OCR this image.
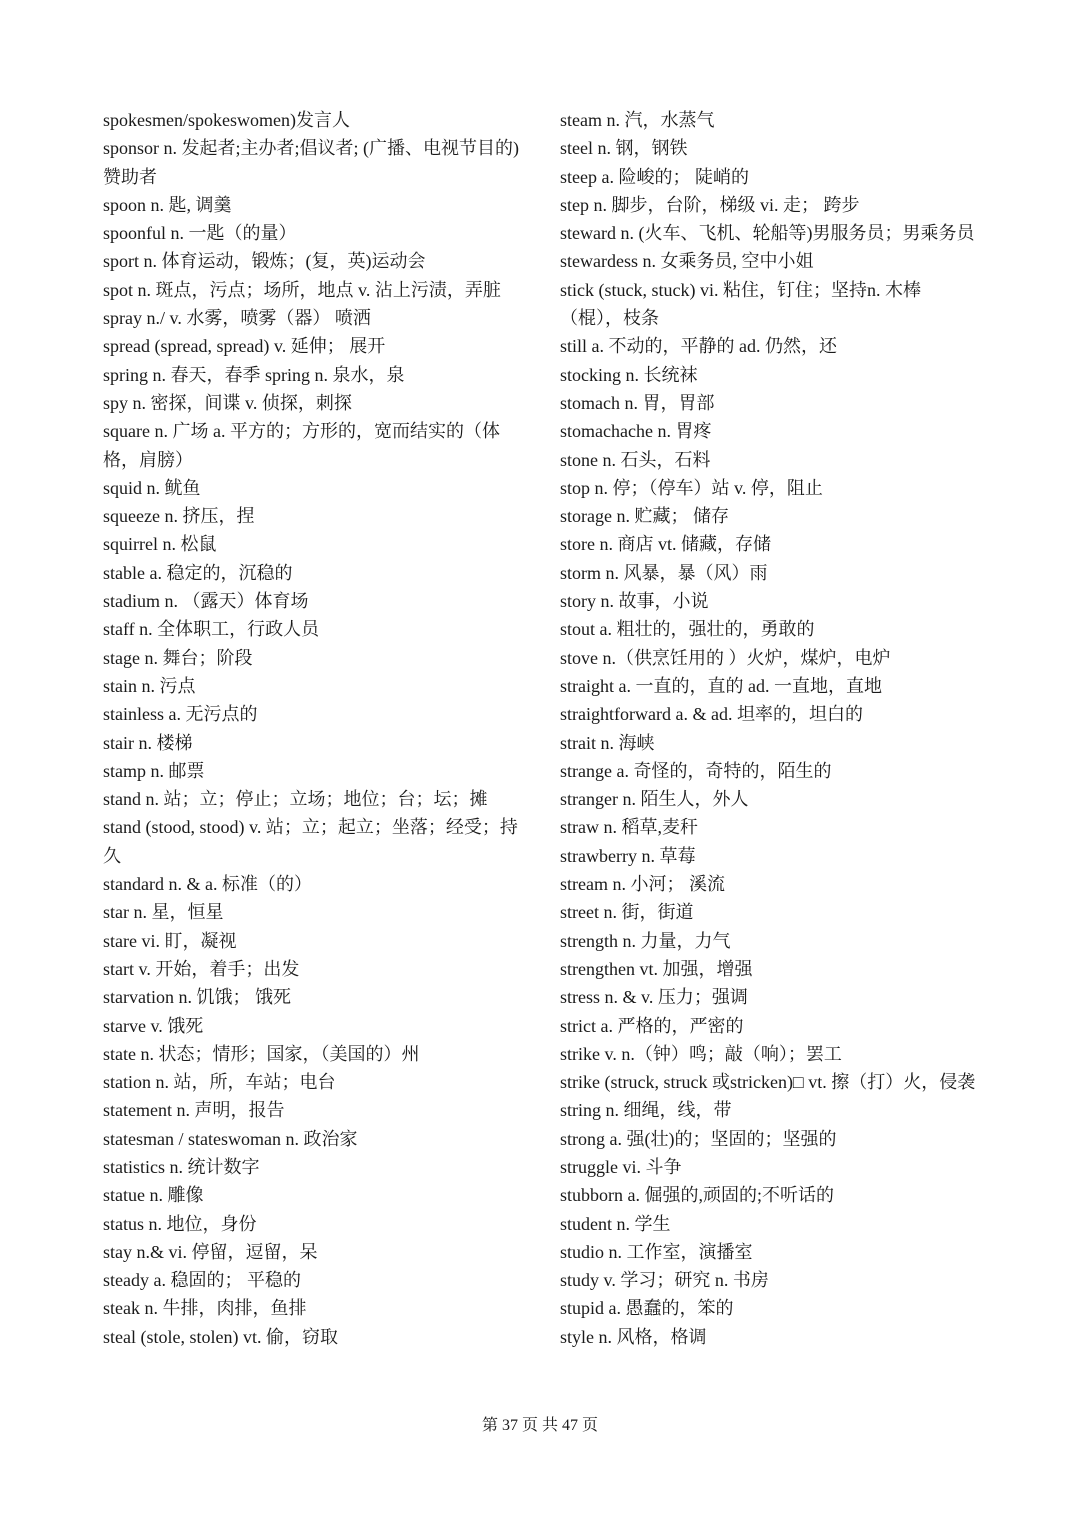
spokesmen/spokeswomen)发言人

sponsor n. 发起者;主办者;倡议者; (广播、电视节目的)赞助者

spoon n. 匙, 调羹

spoonful n. 一匙（的量）

sport n. 体育运动，锻炼；(复，英)运动会

spot n. 斑点，污点；场所，地点 v. 沾上污渍，弄脏

spray n./ v. 水雾，喷雾（器） 喷洒

spread (spread, spread) v. 延伸； 展开

spring n. 春天，春季 spring n. 泉水，泉

spy n. 密探，间谍 v. 侦探，刺探

square n. 广场 a. 平方的；方形的，宽而结实的（体格，肩膀）

squid n. 鱿鱼

squeeze n. 挤压，捏

squirrel n. 松鼠

stable a. 稳定的，沉稳的

stadium n. （露天）体育场

staff n. 全体职工，行政人员

stage n. 舞台；阶段

stain n. 污点

stainless a. 无污点的

stair n. 楼梯

stamp n. 邮票

stand n. 站；立；停止；立场；地位；台；坛；摊

stand (stood, stood) v. 站；立；起立；坐落；经受；持久

standard n. & a. 标准（的）

star n. 星，恒星

stare vi. 盯，凝视

start v. 开始，着手；出发

starvation n. 饥饿； 饿死

starve v. 饿死

state n. 状态；情形；国家，（美国的）州

station n. 站，所，车站；电台

statement n. 声明，报告

statesman / stateswoman n. 政治家

statistics n. 统计数字

statue n. 雕像

status n. 地位，身份

stay n.& vi. 停留，逗留，呆

steady a. 稳固的； 平稳的

steak n. 牛排，肉排，鱼排

steal (stole, stolen) vt. 偷，窃取

steam n. 汽，水蒸气

steel n. 钢，钢铁

steep a. 险峻的； 陡峭的

step n. 脚步，台阶，梯级 vi. 走； 跨步

steward n. (火车、飞机、轮船等)男服务员；男乘务员

stewardess n. 女乘务员, 空中小姐

stick (stuck, stuck) vi. 粘住，钉住；坚持n. 木棒（棍），枝条

still a. 不动的，平静的 ad. 仍然，还

stocking n. 长统袜

stomach n. 胃，胃部

stomachache n. 胃疼

stone n. 石头，石料

stop n. 停；（停车）站 v. 停，阻止

storage n. 贮藏； 储存

store n. 商店 vt. 储藏，存储

storm n. 风暴，暴（风）雨

story n. 故事，小说

stout a. 粗壮的，强壮的，勇敢的

stove n.（供烹饪用的 ）火炉，煤炉，电炉

straight a. 一直的，直的 ad. 一直地，直地

straightforward a. & ad. 坦率的，坦白的

strait n. 海峡

strange a. 奇怪的，奇特的，陌生的

stranger n. 陌生人，外人

straw n. 稻草,麦秆

strawberry n. 草莓

stream n. 小河； 溪流

street n. 街，街道

strength n. 力量，力气

strengthen vt. 加强，增强

stress n. & v. 压力；强调

strict a. 严格的，严密的

strike v. n.（钟）鸣；敲（响）；罢工

strike (struck, struck 或stricken)□ vt. 擦（打）火，侵袭

string n. 细绳，线，带

strong a. 强(壮)的；坚固的；坚强的

struggle vi. 斗争

stubborn a. 倔强的,顽固的;不听话的

student n. 学生

studio n. 工作室，演播室

study v. 学习；研究 n. 书房

stupid a. 愚蠢的，笨的

style n. 风格，格调

第 37 页 共 47 页
